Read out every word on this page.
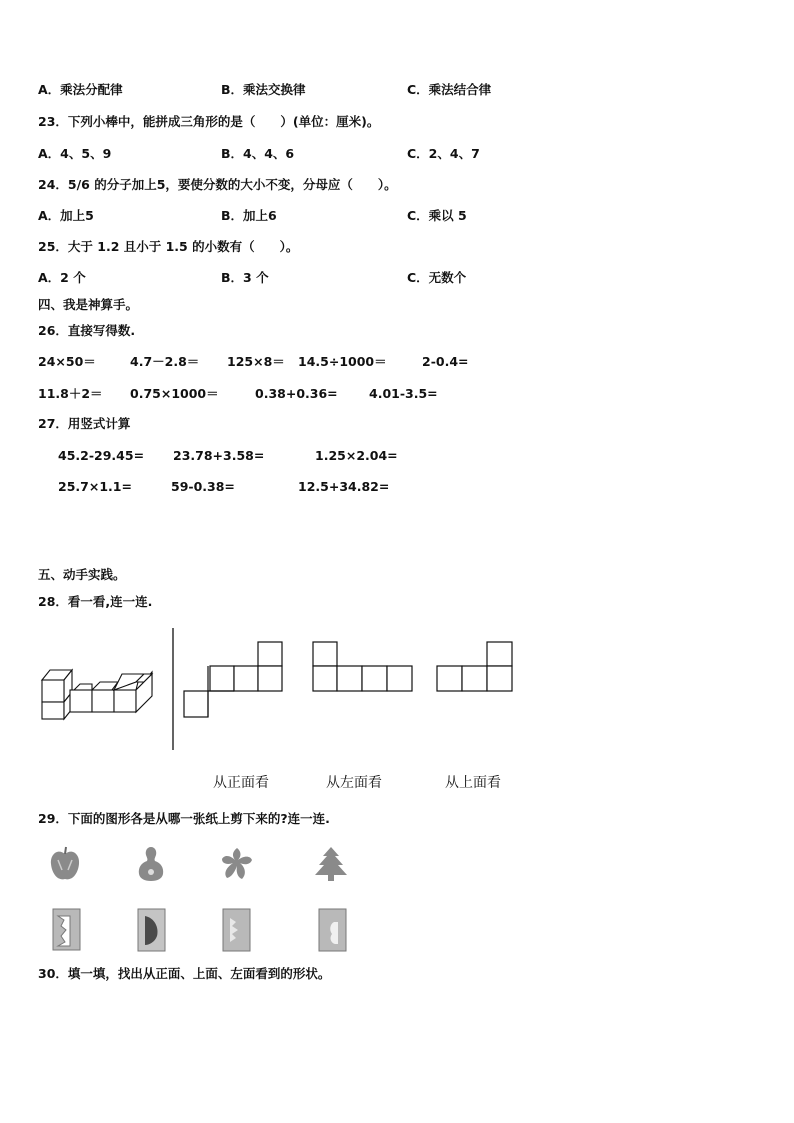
A．乘法分配律	B．乘法交换律	C．乘法结合律
23．下列小棒中，能拼成三角形的是（　　）(单位：厘米)。
A．4、5、9	B．4、4、6	C．2、4、7
24．5/6 的分子加上5，要使分数的大小不变，分母应（　　）。
A．加上5	B．加上6	C．乘以 5
25．大于 1.2 且小于 1.5 的小数有（　　）。
A．2 个	B．3 个	C．无数个
四、我是神算手。
26．直接写得数.
24×50＝	4.7－2.8＝ 125×8＝ 14.5÷1000＝	2-0.4=
11.8＋2＝ 0.75×1000＝	0.38+0.36=	4.01-3.5=
27．用竖式计算
45.2-29.45= 23.78+3.58=	1.25×2.04=
25.7×1.1=	59-0.38=	12.5+34.82=
五、动手实践。
28．看一看,连一连.
从正面看	从左面看	从上面看
29．下面的图形各是从哪一张纸上剪下来的?连一连.
30．填一填，找出从正面、上面、左面看到的形状。
